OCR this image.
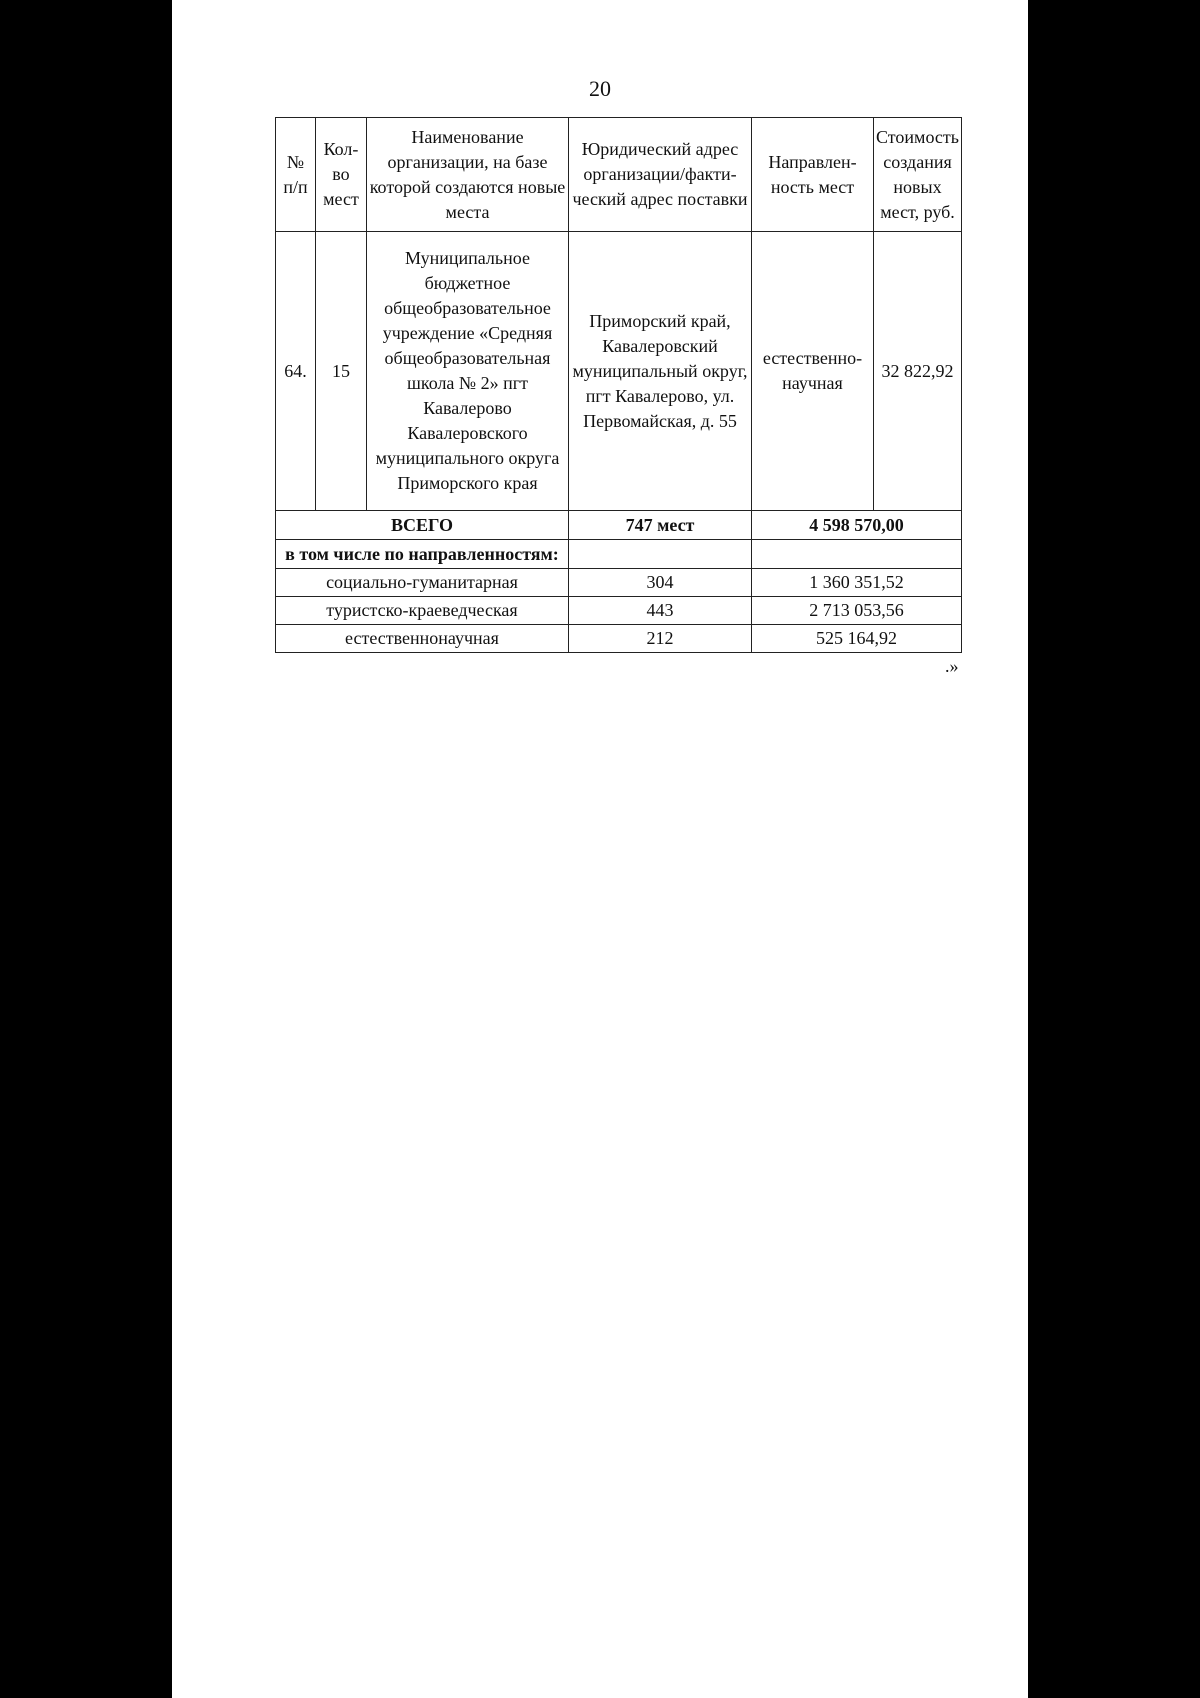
20
№ п/п	Кол-во мест	Наименование организации, на базе которой создаются новые места	Юридический адрес организации/факти-ческий адрес поставки	Направлен-ность мест	Стоимость создания новых мест, руб.
64.	15	Муниципальное бюджетное общеобразовательное учреждение «Средняя общеобразовательная школа № 2» пгт Кавалерово Кавалеровского муниципального округа Приморского края	Приморский край, Кавалеровский муниципальный округ, пгт Кавалерово, ул. Первомайская, д. 55	естественно-научная	32 822,92
ВСЕГО			747 мест	4 598 570,00	
в том числе по направленностям:					
социально-гуманитарная			304	1 360 351,52	
туристско-краеведческая			443	2 713 053,56	
естественнонаучная			212	525 164,92	
.»
